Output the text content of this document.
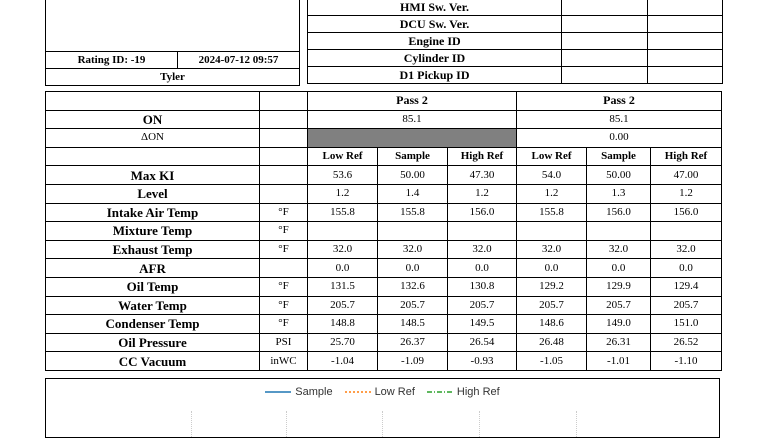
Rating ID: -19	2024-07-12 09:57
Tyler
HMI Sw. Ver.		
DCU Sw. Ver.		
Engine ID		
Cylinder ID		
D1 Pickup ID		
		Pass 2			Pass 2		
ON		85.1			85.1		
ΔON					0.00		
		Low Ref	Sample	High Ref	Low Ref	Sample	High Ref
Max KI		53.6	50.00	47.30	54.0	50.00	47.00
Level		1.2	1.4	1.2	1.2	1.3	1.2
Intake Air Temp	°F	155.8	155.8	156.0	155.8	156.0	156.0
Mixture Temp	°F						
Exhaust Temp	°F	32.0	32.0	32.0	32.0	32.0	32.0
AFR		0.0	0.0	0.0	0.0	0.0	0.0
Oil Temp	°F	131.5	132.6	130.8	129.2	129.9	129.4
Water Temp	°F	205.7	205.7	205.7	205.7	205.7	205.7
Condenser Temp	°F	148.8	148.5	149.5	148.6	149.0	151.0
Oil Pressure	PSI	25.70	26.37	26.54	26.48	26.31	26.52
CC Vacuum	inWC	-1.04	-1.09	-0.93	-1.05	-1.01	-1.10
Sample	Low Ref	High Ref
